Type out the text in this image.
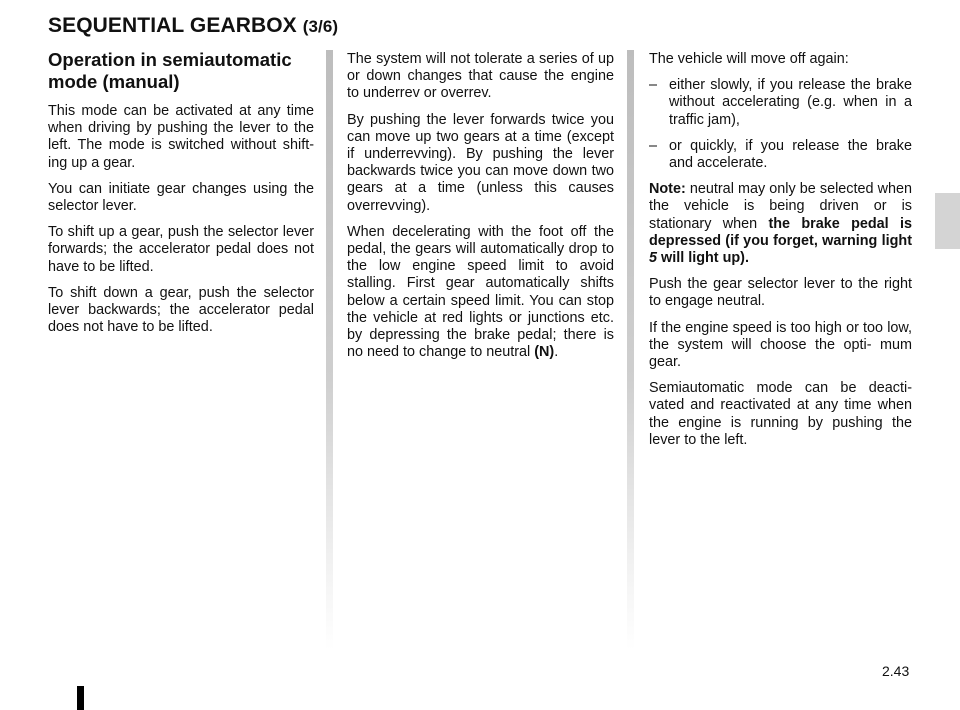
SEQUENTIAL GEARBOX (3/6)
Operation in semiautomatic
mode (manual)

This mode can be activated at any time when driving by pushing the lever to the left. The mode is switched without shift- ing up a gear.

You can initiate gear changes using the selector lever.

To shift up a gear, push the selector lever forwards; the accelerator pedal does not have to be lifted.

To shift down a gear, push the selector lever backwards; the accelerator pedal does not have to be lifted.

The system will not tolerate a series of up or down changes that cause the engine to underrev or overrev.

By pushing the lever forwards twice you can move up two gears at a time (except if underrevving). By pushing the lever backwards twice you can move down two gears at a time (unless this causes overrevving).

When decelerating with the foot off the pedal, the gears will automatically drop to the low engine speed limit to avoid stalling. First gear automatically shifts below a certain speed limit. You can stop the vehicle at red lights or junctions etc. by depressing the brake pedal; there is no need to change to neutral (N).

The vehicle will move off again:

– either slowly, if you release the brake without accelerating (e.g. when in a traffic jam),

– or quickly, if you release the brake and accelerate.

Note: neutral may only be selected when the vehicle is being driven or is stationary when the brake pedal is depressed (if you forget, warning light 5 will light up).

Push the gear selector lever to the right to engage neutral.

If the engine speed is too high or too low, the system will choose the opti- mum gear.

Semiautomatic mode can be deacti- vated and reactivated at any time when the engine is running by pushing the lever to the left.

2.43
